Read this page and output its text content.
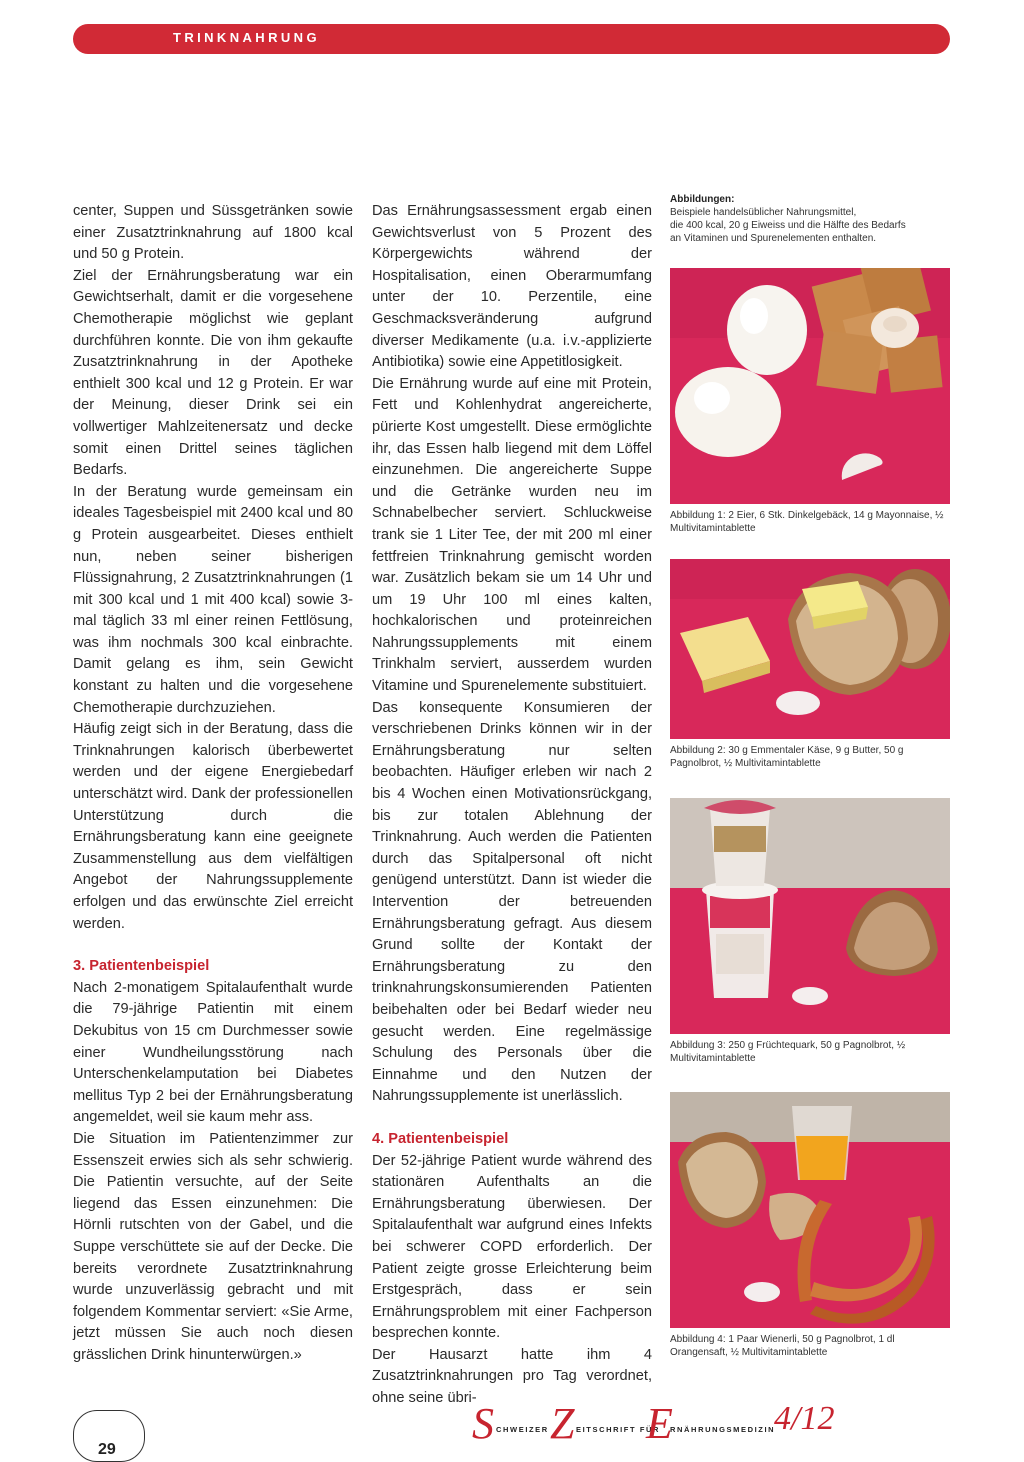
TRINKNAHRUNG

center, Suppen und Süssgetränken sowie einer Zusatztrinknahrung auf 1800 kcal und 50 g Protein.

Ziel der Ernährungsberatung war ein Gewichtserhalt, damit er die vorgesehene Chemotherapie möglichst wie geplant durchführen konnte. Die von ihm gekaufte Zusatztrinknahrung in der Apotheke enthielt 300 kcal und 12 g Protein. Er war der Meinung, dieser Drink sei ein vollwertiger Mahlzeitenersatz und decke somit einen Drittel seines täglichen Bedarfs.

In der Beratung wurde gemeinsam ein ideales Tagesbeispiel mit 2400 kcal und 80 g Protein ausgearbeitet. Dieses enthielt nun, neben seiner bisherigen Flüssignahrung, 2 Zusatztrinknahrungen (1 mit 300 kcal und 1 mit 400 kcal) sowie 3-mal täglich 33 ml einer reinen Fettlösung, was ihm nochmals 300 kcal einbrachte. Damit gelang es ihm, sein Gewicht konstant zu halten und die vorgesehene Chemotherapie durchzuziehen.

Häufig zeigt sich in der Beratung, dass die Trinknahrungen kalorisch überbewertet werden und der eigene Energiebedarf unterschätzt wird. Dank der professionellen Unterstützung durch die Ernährungsberatung kann eine geeignete Zusammenstellung aus dem vielfältigen Angebot der Nahrungssupplemente erfolgen und das erwünschte Ziel erreicht werden.

3. Patientenbeispiel

Nach 2-monatigem Spitalaufenthalt wurde die 79-jährige Patientin mit einem Dekubitus von 15 cm Durchmesser sowie einer Wundheilungsstörung nach Unterschenkelamputation bei Diabetes mellitus Typ 2 bei der Ernährungsberatung angemeldet, weil sie kaum mehr ass.

Die Situation im Patientenzimmer zur Essenszeit erwies sich als sehr schwierig. Die Patientin versuchte, auf der Seite liegend das Essen einzunehmen: Die Hörnli rutschten von der Gabel, und die Suppe verschüttete sie auf der Decke. Die bereits verordnete Zusatztrinknahrung wurde unzuverlässig gebracht und mit folgendem Kommentar serviert: «Sie Arme, jetzt müssen Sie auch noch diesen grässlichen Drink hinunterwürgen.»

Das Ernährungsassessment ergab einen Gewichtsverlust von 5 Prozent des Körpergewichts während der Hospitalisation, einen Oberarmumfang unter der 10. Perzentile, eine Geschmacksveränderung aufgrund diverser Medikamente (u.a. i.v.-applizierte Antibiotika) sowie eine Appetitlosigkeit.

Die Ernährung wurde auf eine mit Protein, Fett und Kohlenhydrat angereicherte, pürierte Kost umgestellt. Diese ermöglichte ihr, das Essen halb liegend mit dem Löffel einzunehmen. Die angereicherte Suppe und die Getränke wurden neu im Schnabelbecher serviert. Schluckweise trank sie 1 Liter Tee, der mit 200 ml einer fettfreien Trinknahrung gemischt worden war. Zusätzlich bekam sie um 14 Uhr und um 19 Uhr 100 ml eines kalten, hochkalorischen und proteinreichen Nahrungssupplements mit einem Trinkhalm serviert, ausserdem wurden Vitamine und Spurenelemente substituiert.

Das konsequente Konsumieren der verschriebenen Drinks können wir in der Ernährungsberatung nur selten beobachten. Häufiger erleben wir nach 2 bis 4 Wochen einen Motivationsrückgang, bis zur totalen Ablehnung der Trinknahrung. Auch werden die Patienten durch das Spitalpersonal oft nicht genügend unterstützt. Dann ist wieder die Intervention der betreuenden Ernährungsberatung gefragt. Aus diesem Grund sollte der Kontakt der Ernährungsberatung zu den trinknahrungskonsumierenden Patienten beibehalten oder bei Bedarf wieder neu gesucht werden. Eine regelmässige Schulung des Personals über die Einnahme und den Nutzen der Nahrungssupplemente ist unerlässlich.

4. Patientenbeispiel

Der 52-jährige Patient wurde während des stationären Aufenthalts an die Ernährungsberatung überwiesen. Der Spitalaufenthalt war aufgrund eines Infekts bei schwerer COPD erforderlich. Der Patient zeigte grosse Erleichterung beim Erstgespräch, dass er sein Ernährungsproblem mit einer Fachperson besprechen konnte.

Der Hausarzt hatte ihm 4 Zusatztrinknahrungen pro Tag verordnet, ohne seine übri-

Abbildungen:
Beispiele handelsüblicher Nahrungsmittel,
die 400 kcal, 20 g Eiweiss und die Hälfte des Bedarfs
an Vitaminen und Spurenelementen enthalten.
Abbildung 1: 2 Eier, 6 Stk. Dinkelgebäck, 14 g Mayonnaise, ½ Multivitamintablette
Abbildung 2: 30 g Emmentaler Käse, 9 g Butter, 50 g Pagnolbrot, ½ Multivitamintablette
Abbildung 3: 250 g Früchtequark, 50 g Pagnolbrot, ½ Multivitamintablette
Abbildung 4: 1 Paar Wienerli, 50 g Pagnolbrot, 1 dl Orangensaft, ½ Multivitamintablette
29
S CHWEIZER Z EITSCHRIFT FÜR
E
RNÄHRUNGSMEDIZIN
4/12
